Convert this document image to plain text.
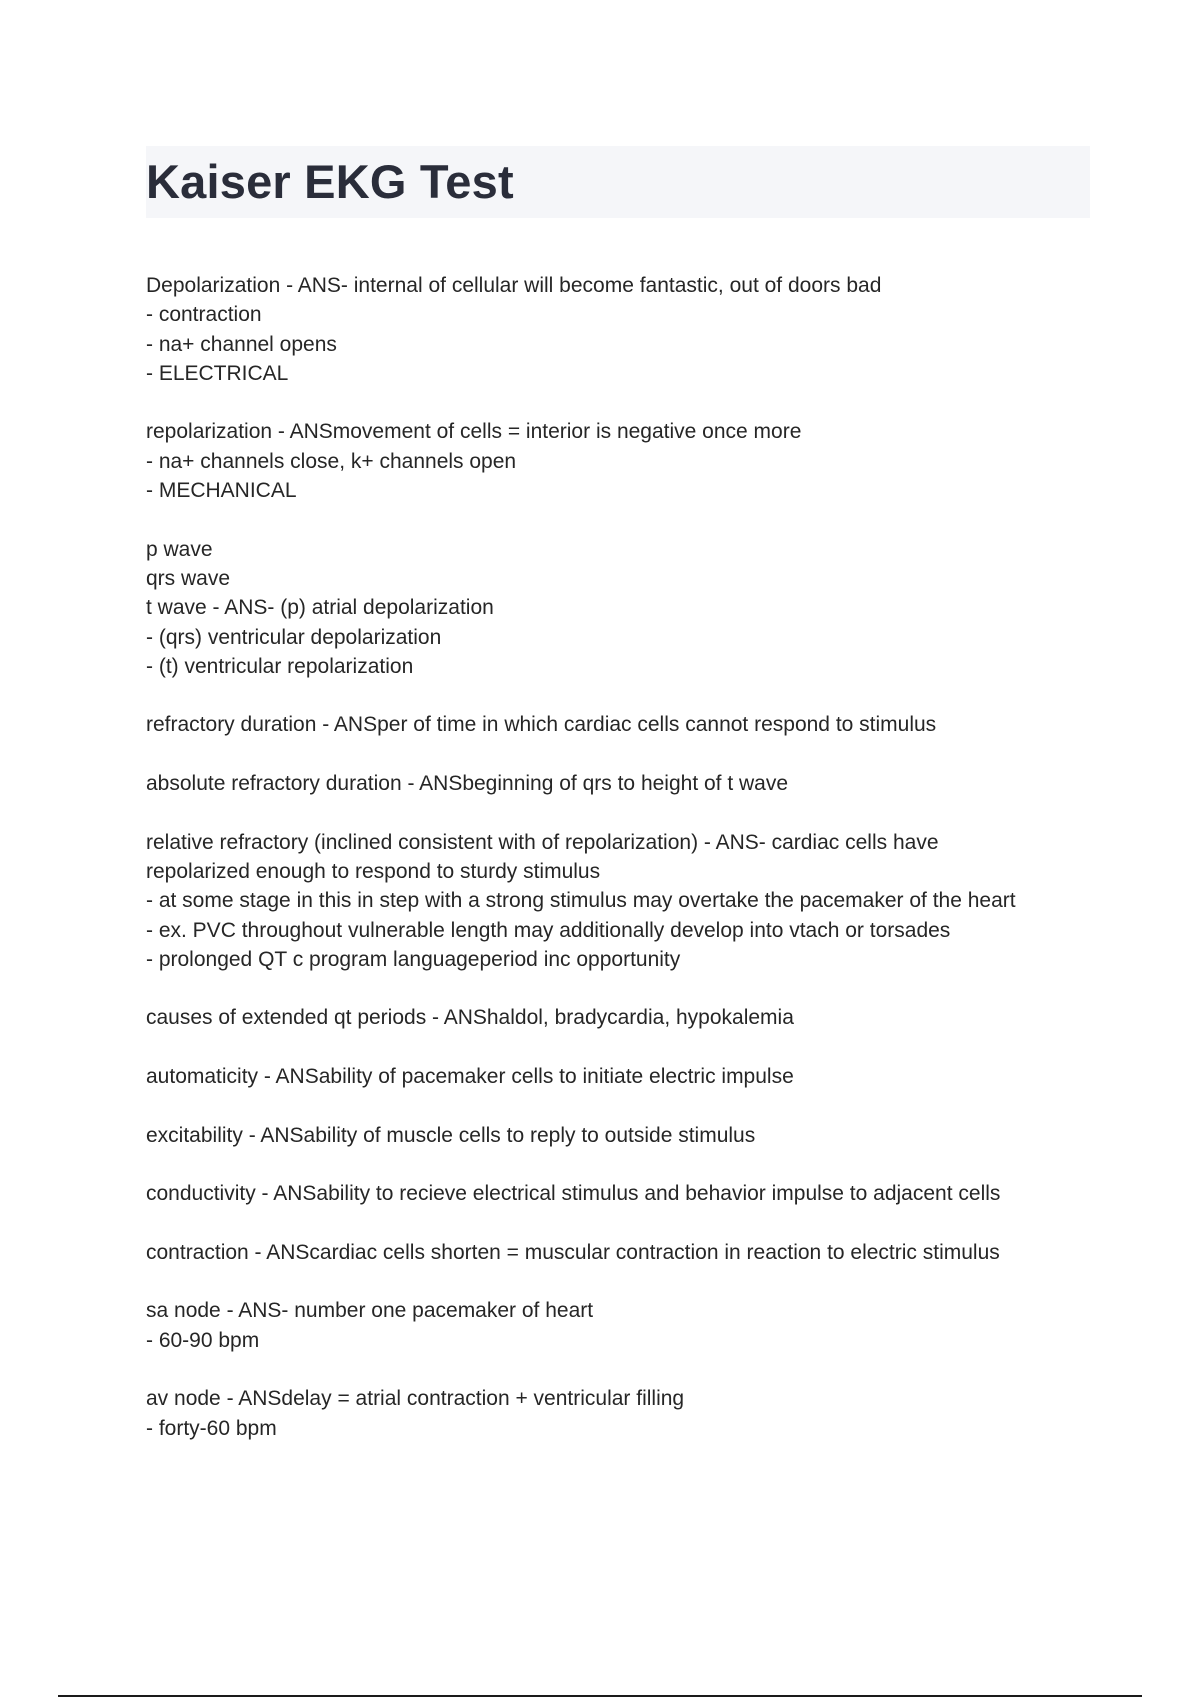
Kaiser EKG Test
Depolarization - ANS- internal of cellular will become fantastic, out of doors bad
- contraction
- na+ channel opens
- ELECTRICAL
repolarization - ANSmovement of cells = interior is negative once more
- na+ channels close, k+ channels open
- MECHANICAL
p wave
qrs wave
t wave - ANS- (p) atrial depolarization
- (qrs) ventricular depolarization
- (t) ventricular repolarization
refractory duration - ANSper of time in which cardiac cells cannot respond to stimulus
absolute refractory duration - ANSbeginning of qrs to height of t wave
relative refractory (inclined consistent with of repolarization) - ANS- cardiac cells have
repolarized enough to respond to sturdy stimulus
- at some stage in this in step with a strong stimulus may overtake the pacemaker of the heart
- ex. PVC throughout vulnerable length may additionally develop into vtach or torsades
- prolonged QT c program languageperiod inc opportunity
causes of extended qt periods - ANShaldol, bradycardia, hypokalemia
automaticity - ANSability of pacemaker cells to initiate electric impulse
excitability - ANSability of muscle cells to reply to outside stimulus
conductivity - ANSability to recieve electrical stimulus and behavior impulse to adjacent cells
contraction - ANScardiac cells shorten = muscular contraction in reaction to electric stimulus
sa node - ANS- number one pacemaker of heart
- 60-90 bpm
av node - ANSdelay = atrial contraction + ventricular filling
- forty-60 bpm
